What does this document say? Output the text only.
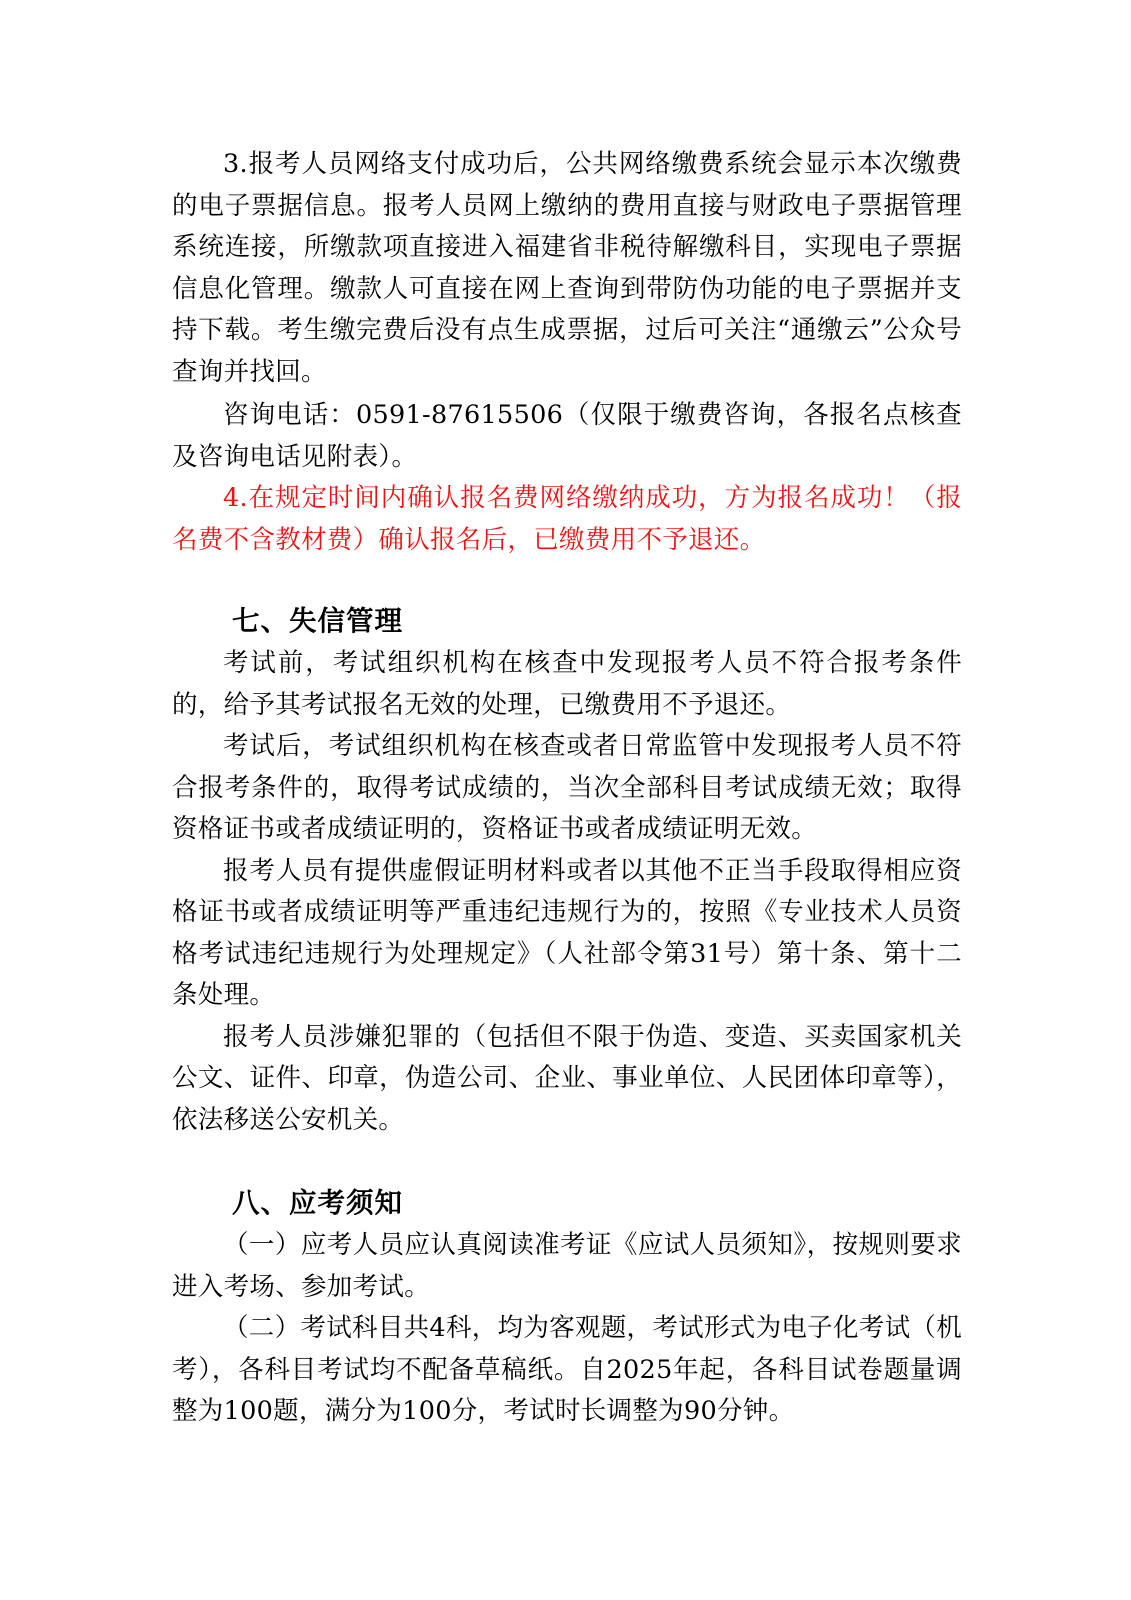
3.报考人员网络支付成功后，公共网络缴费系统会显示本次缴费的电子票据信息。报考人员网上缴纳的费用直接与财政电子票据管理系统连接，所缴款项直接进入福建省非税待解缴科目，实现电子票据信息化管理。缴款人可直接在网上查询到带防伪功能的电子票据并支持下载。考生缴完费后没有点生成票据，过后可关注“通缴云”公众号查询并找回。

咨询电话：0591-87615506（仅限于缴费咨询，各报名点核查及咨询电话见附表）。

4.在规定时间内确认报名费网络缴纳成功，方为报名成功！（报名费不含教材费）确认报名后，已缴费用不予退还。

七、失信管理

考试前，考试组织机构在核查中发现报考人员不符合报考条件的，给予其考试报名无效的处理，已缴费用不予退还。

考试后，考试组织机构在核查或者日常监管中发现报考人员不符合报考条件的，取得考试成绩的，当次全部科目考试成绩无效；取得资格证书或者成绩证明的，资格证书或者成绩证明无效。

报考人员有提供虚假证明材料或者以其他不正当手段取得相应资格证书或者成绩证明等严重违纪违规行为的，按照《专业技术人员资格考试违纪违规行为处理规定》（人社部令第31号）第十条、第十二条处理。

报考人员涉嫌犯罪的（包括但不限于伪造、变造、买卖国家机关公文、证件、印章，伪造公司、企业、事业单位、人民团体印章等），依法移送公安机关。

八、应考须知

（一）应考人员应认真阅读准考证《应试人员须知》，按规则要求进入考场、参加考试。

（二）考试科目共4科，均为客观题，考试形式为电子化考试（机考），各科目考试均不配备草稿纸。自2025年起，各科目试卷题量调整为100题，满分为100分，考试时长调整为90分钟。
